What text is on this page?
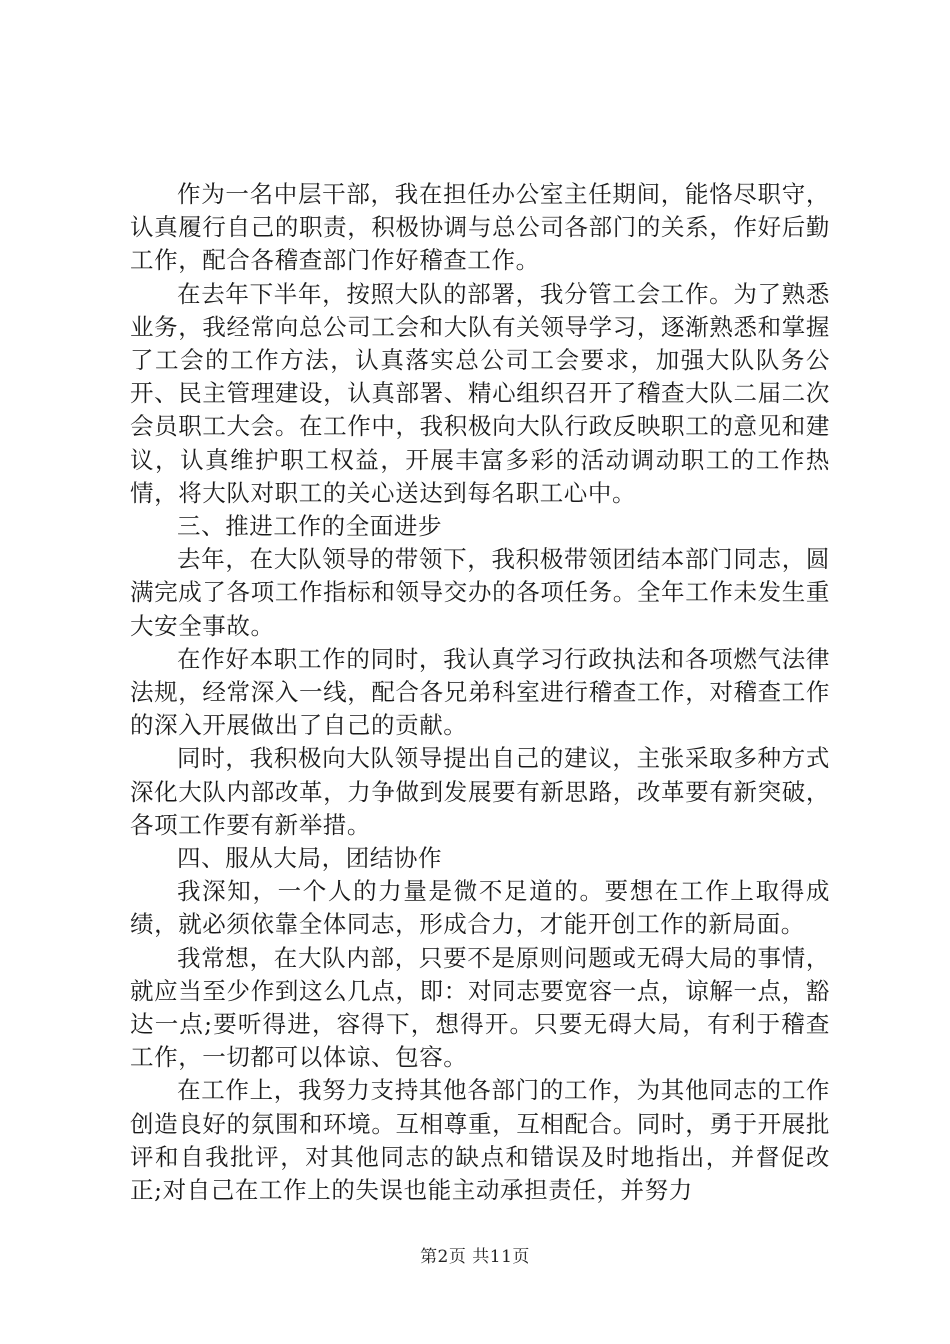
作为一名中层干部，我在担任办公室主任期间，能恪尽职守，认真履行自己的职责，积极协调与总公司各部门的关系，作好后勤工作，配合各稽查部门作好稽查工作。

在去年下半年，按照大队的部署，我分管工会工作。为了熟悉业务，我经常向总公司工会和大队有关领导学习，逐渐熟悉和掌握了工会的工作方法，认真落实总公司工会要求，加强大队队务公开、民主管理建设，认真部署、精心组织召开了稽查大队二届二次会员职工大会。在工作中，我积极向大队行政反映职工的意见和建议，认真维护职工权益，开展丰富多彩的活动调动职工的工作热情，将大队对职工的关心送达到每名职工心中。

三、推进工作的全面进步

去年，在大队领导的带领下，我积极带领团结本部门同志，圆满完成了各项工作指标和领导交办的各项任务。全年工作未发生重大安全事故。

在作好本职工作的同时，我认真学习行政执法和各项燃气法律法规，经常深入一线，配合各兄弟科室进行稽查工作，对稽查工作的深入开展做出了自己的贡献。

同时，我积极向大队领导提出自己的建议，主张采取多种方式深化大队内部改革，力争做到发展要有新思路，改革要有新突破，各项工作要有新举措。

四、服从大局，团结协作

我深知，一个人的力量是微不足道的。要想在工作上取得成绩，就必须依靠全体同志，形成合力，才能开创工作的新局面。

我常想，在大队内部，只要不是原则问题或无碍大局的事情，就应当至少作到这么几点，即：对同志要宽容一点，谅解一点，豁达一点;要听得进，容得下，想得开。只要无碍大局，有利于稽查工作，一切都可以体谅、包容。

在工作上，我努力支持其他各部门的工作，为其他同志的工作创造良好的氛围和环境。互相尊重，互相配合。同时，勇于开展批评和自我批评，对其他同志的缺点和错误及时地指出，并督促改正;对自己在工作上的失误也能主动承担责任，并努力

第2页 共11页
